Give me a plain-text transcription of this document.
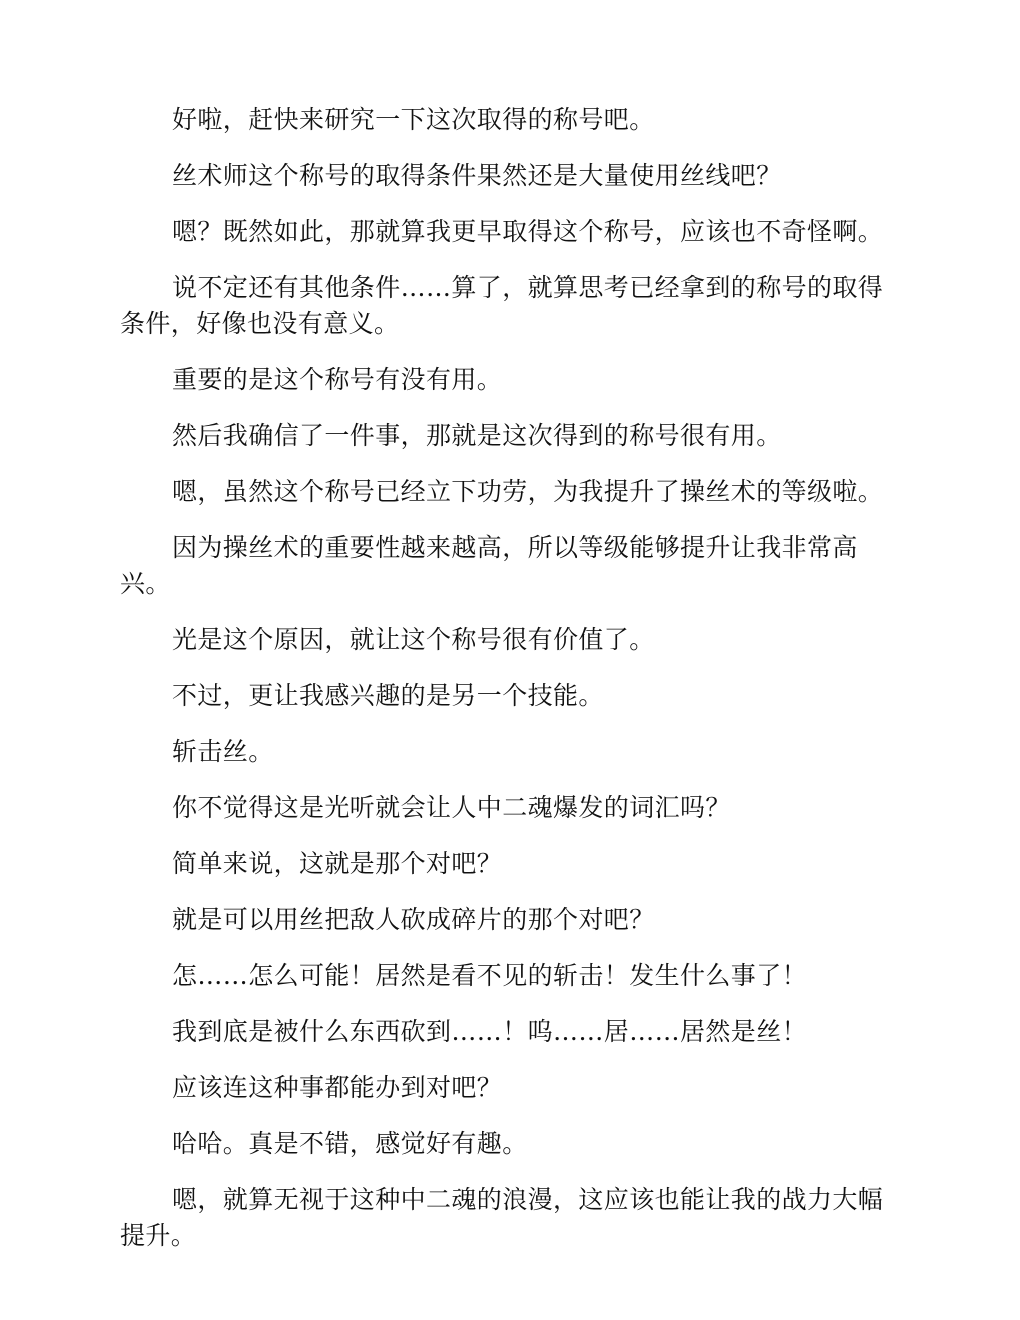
好啦，赶快来研究一下这次取得的称号吧。

丝术师这个称号的取得条件果然还是大量使用丝线吧？

嗯？既然如此，那就算我更早取得这个称号，应该也不奇怪啊。

说不定还有其他条件……算了，就算思考已经拿到的称号的取得条件，好像也没有意义。

重要的是这个称号有没有用。

然后我确信了一件事，那就是这次得到的称号很有用。

嗯，虽然这个称号已经立下功劳，为我提升了操丝术的等级啦。

因为操丝术的重要性越来越高，所以等级能够提升让我非常高兴。

光是这个原因，就让这个称号很有价值了。

不过，更让我感兴趣的是另一个技能。

斩击丝。

你不觉得这是光听就会让人中二魂爆发的词汇吗？

简单来说，这就是那个对吧？

就是可以用丝把敌人砍成碎片的那个对吧？

怎……怎么可能！居然是看不见的斩击！发生什么事了！

我到底是被什么东西砍到……！呜……居……居然是丝！

应该连这种事都能办到对吧？

哈哈。真是不错，感觉好有趣。

嗯，就算无视于这种中二魂的浪漫，这应该也能让我的战力大幅提升。
